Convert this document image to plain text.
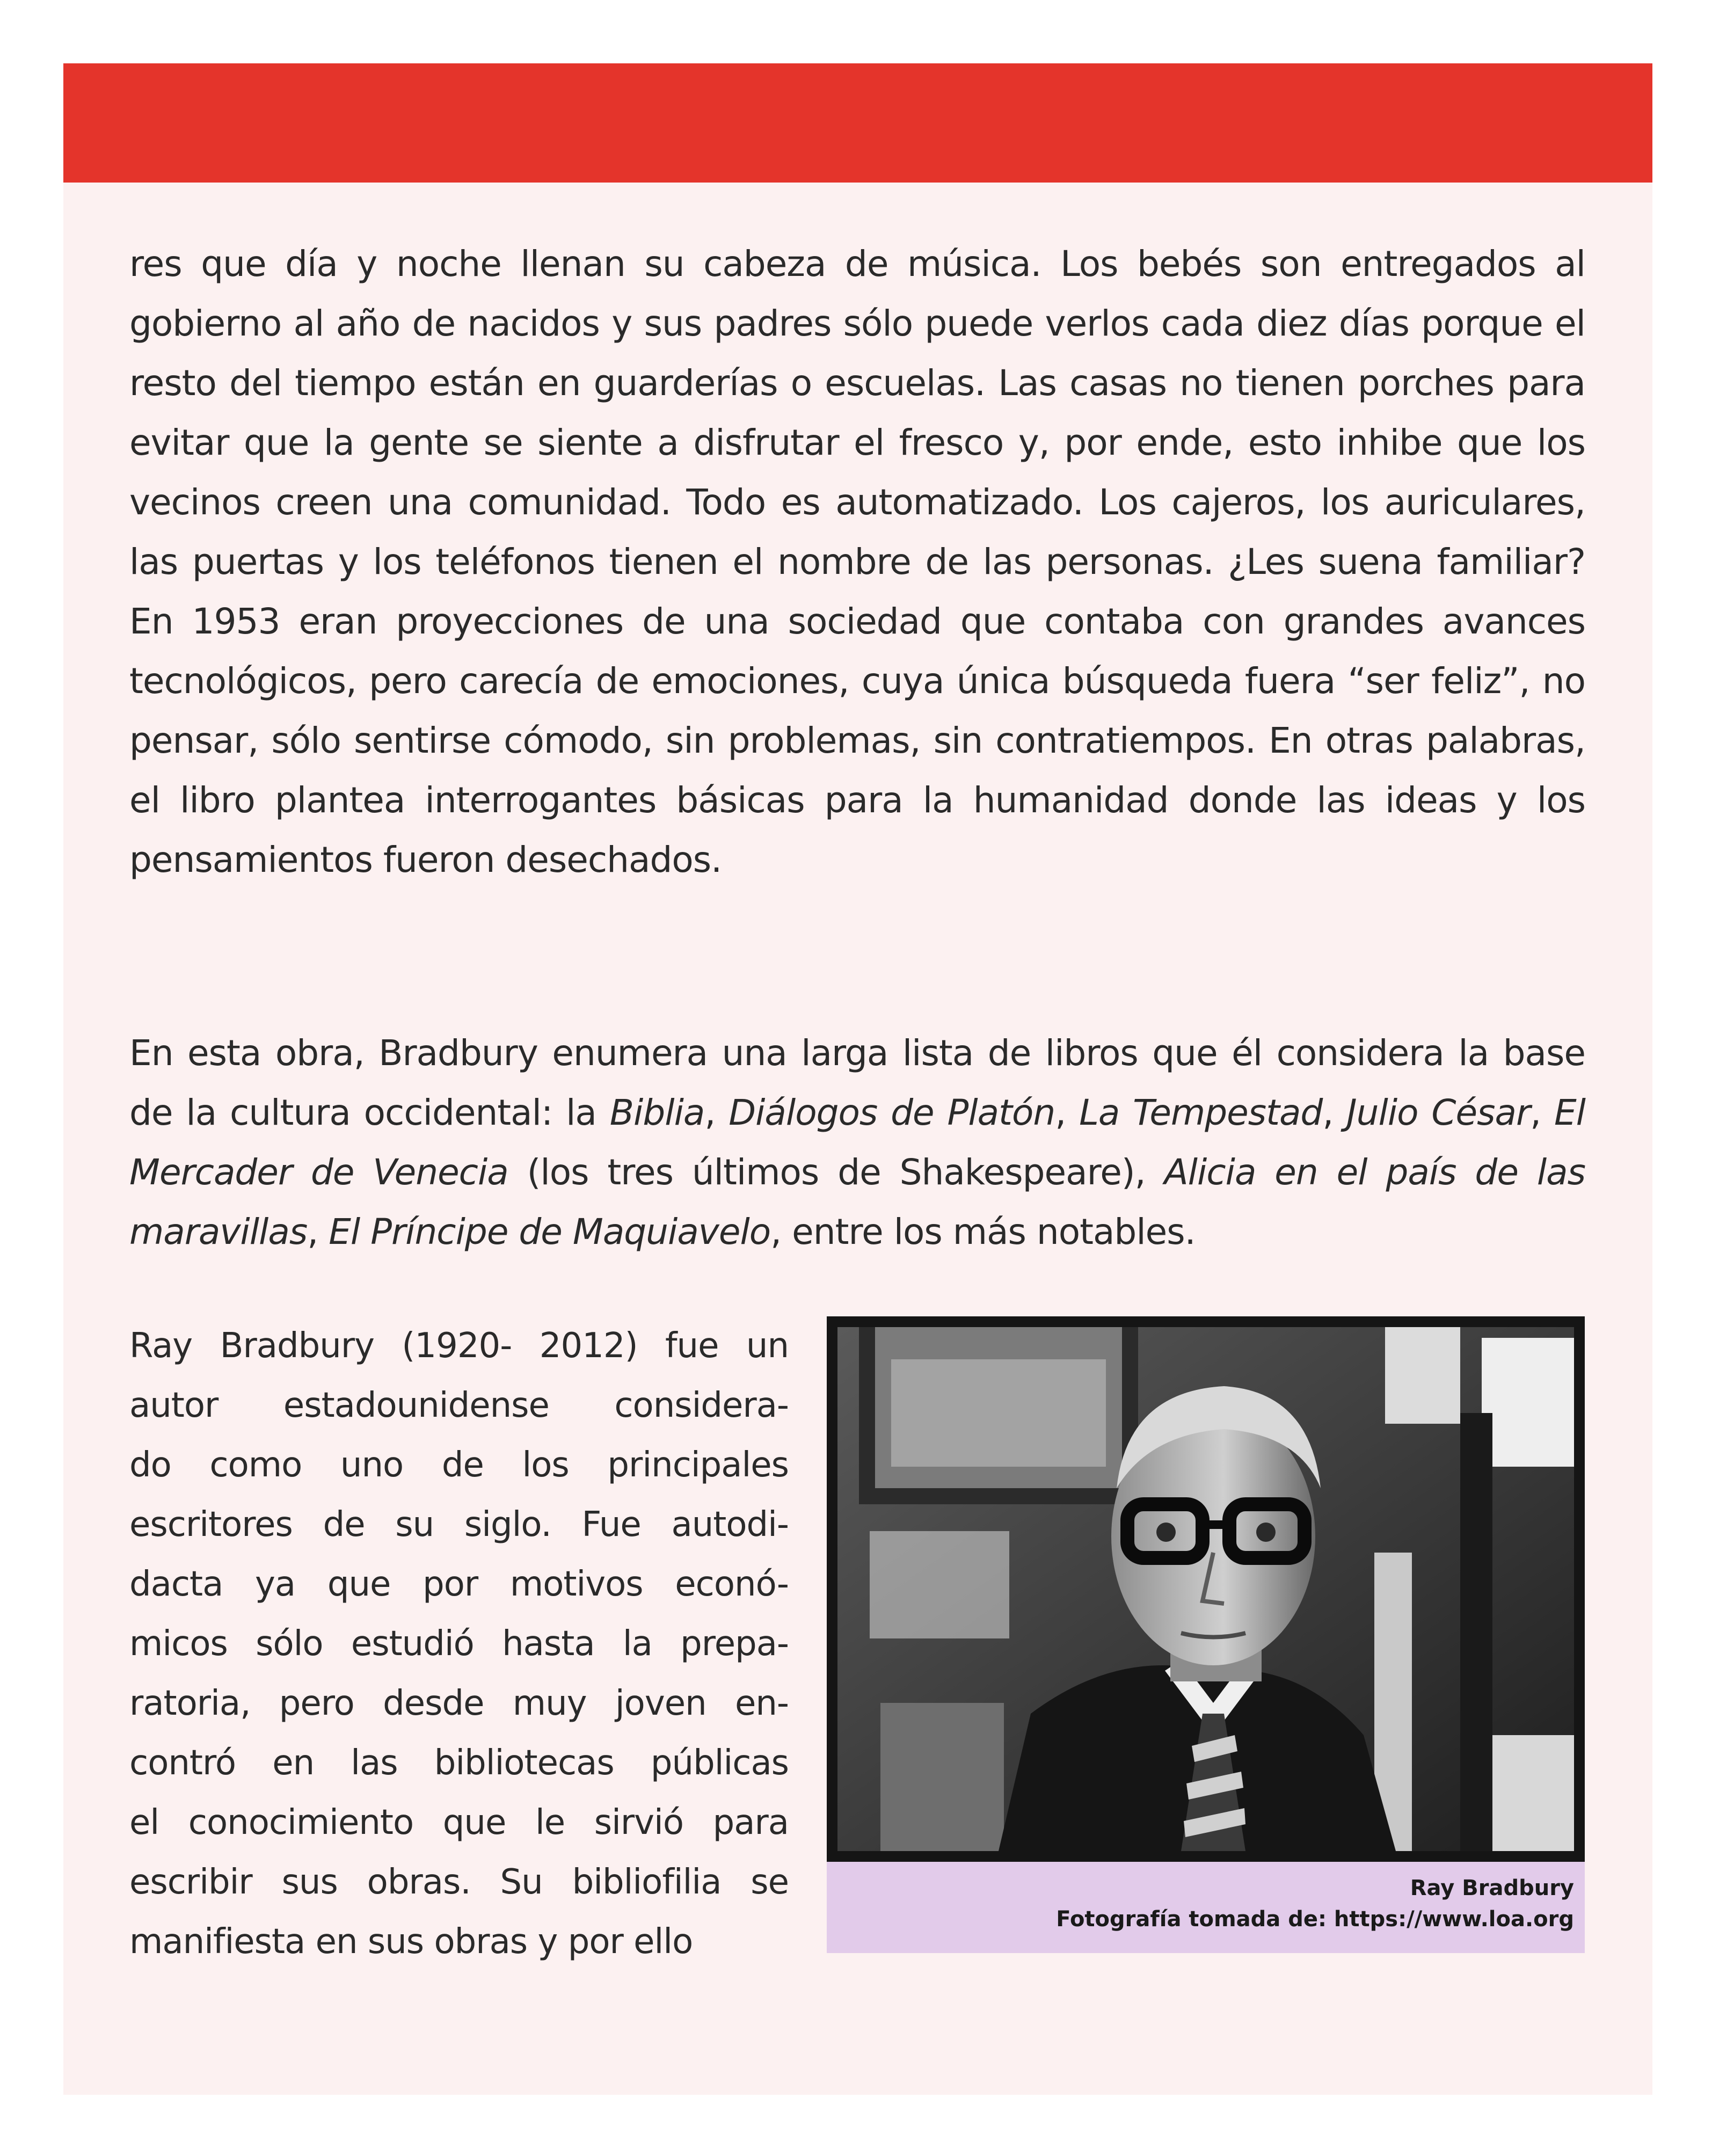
res que día y noche llenan su cabeza de música. Los bebés son entregados al gobierno al año de nacidos y sus padres sólo puede verlos cada diez días porque el resto del tiempo están en guarderías o escuelas. Las casas no tienen porches para evitar que la gente se siente a disfrutar el fresco y, por ende, esto inhibe que los vecinos creen una comunidad. Todo es automatizado. Los cajeros, los auriculares, las puertas y los teléfonos tienen el nombre de las personas. ¿Les suena familiar? En 1953 eran proyecciones de una sociedad que contaba con grandes avances tecnológicos, pero carecía de emociones, cuya única búsqueda fuera “ser feliz”, no pensar, sólo sentirse cómodo, sin problemas, sin contratiempos. En otras palabras, el libro plantea interrogantes básicas para la humanidad donde las ideas y los pensamientos fueron desechados.

En esta obra, Bradbury enumera una larga lista de libros que él considera la base de la cultura occidental: la Biblia, Diálogos de Platón, La Tempestad, Julio César, El Mercader de Venecia (los tres últimos de Shakespeare), Alicia en el país de las maravillas, El Príncipe de Maquiavelo, entre los más notables.

Ray Bradbury (1920- 2012) fue un
autor estadounidense considera-
do como uno de los principales
escritores de su siglo. Fue autodi-
dacta ya que por motivos econó-
micos sólo estudió hasta la prepa-
ratoria, pero desde muy joven en-
contró en las bibliotecas públicas
el conocimiento que le sirvió para
escribir sus obras. Su bibliofilia se
manifiesta en sus obras y por ello
Ray Bradbury
Fotografía tomada de: https://www.loa.org
